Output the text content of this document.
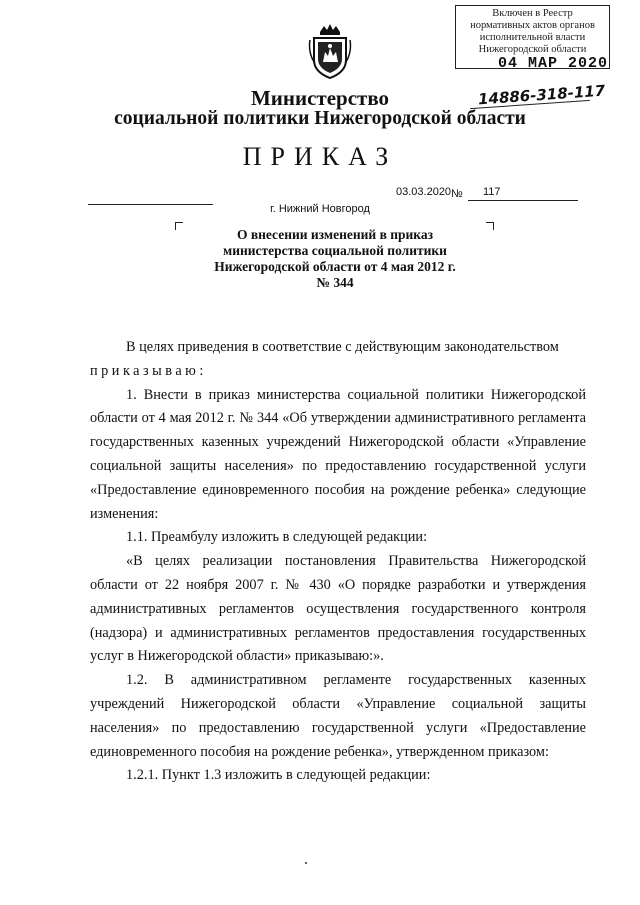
Включен в Реестр
нормативных актов органов
исполнительной власти
Нижегородской области
04 MAP 2020
14886-318-117
Министерство
социальной политики Нижегородской области
ПРИКАЗ
03.03.2020 № 117
г. Нижний Новгород
О внесении изменений в приказ
министерства социальной политики
Нижегородской области от 4 мая 2012 г.
№ 344

В целях приведения в соответствие с действующим законодательством

приказываю:

1. Внести в приказ министерства социальной политики Нижегородской области от 4 мая 2012 г. № 344 «Об утверждении административного регламента государственных казенных учреждений Нижегородской области «Управление социальной защиты населения» по предоставлению государственной услуги «Предоставление единовременного пособия на рождение ребенка» следующие изменения:

1.1. Преамбулу изложить в следующей редакции:

«В целях реализации постановления Правительства Нижегородской области от 22 ноября 2007 г. № 430 «О порядке разработки и утверждения административных регламентов осуществления государственного контроля (надзора) и административных регламентов предоставления государственных услуг в Нижегородской области» приказываю:».

1.2. В административном регламенте государственных казенных учреждений Нижегородской области «Управление социальной защиты населения» по предоставлению государственной услуги «Предоставление единовременного пособия на рождение ребенка», утвержденном приказом:

1.2.1. Пункт 1.3 изложить в следующей редакции:
